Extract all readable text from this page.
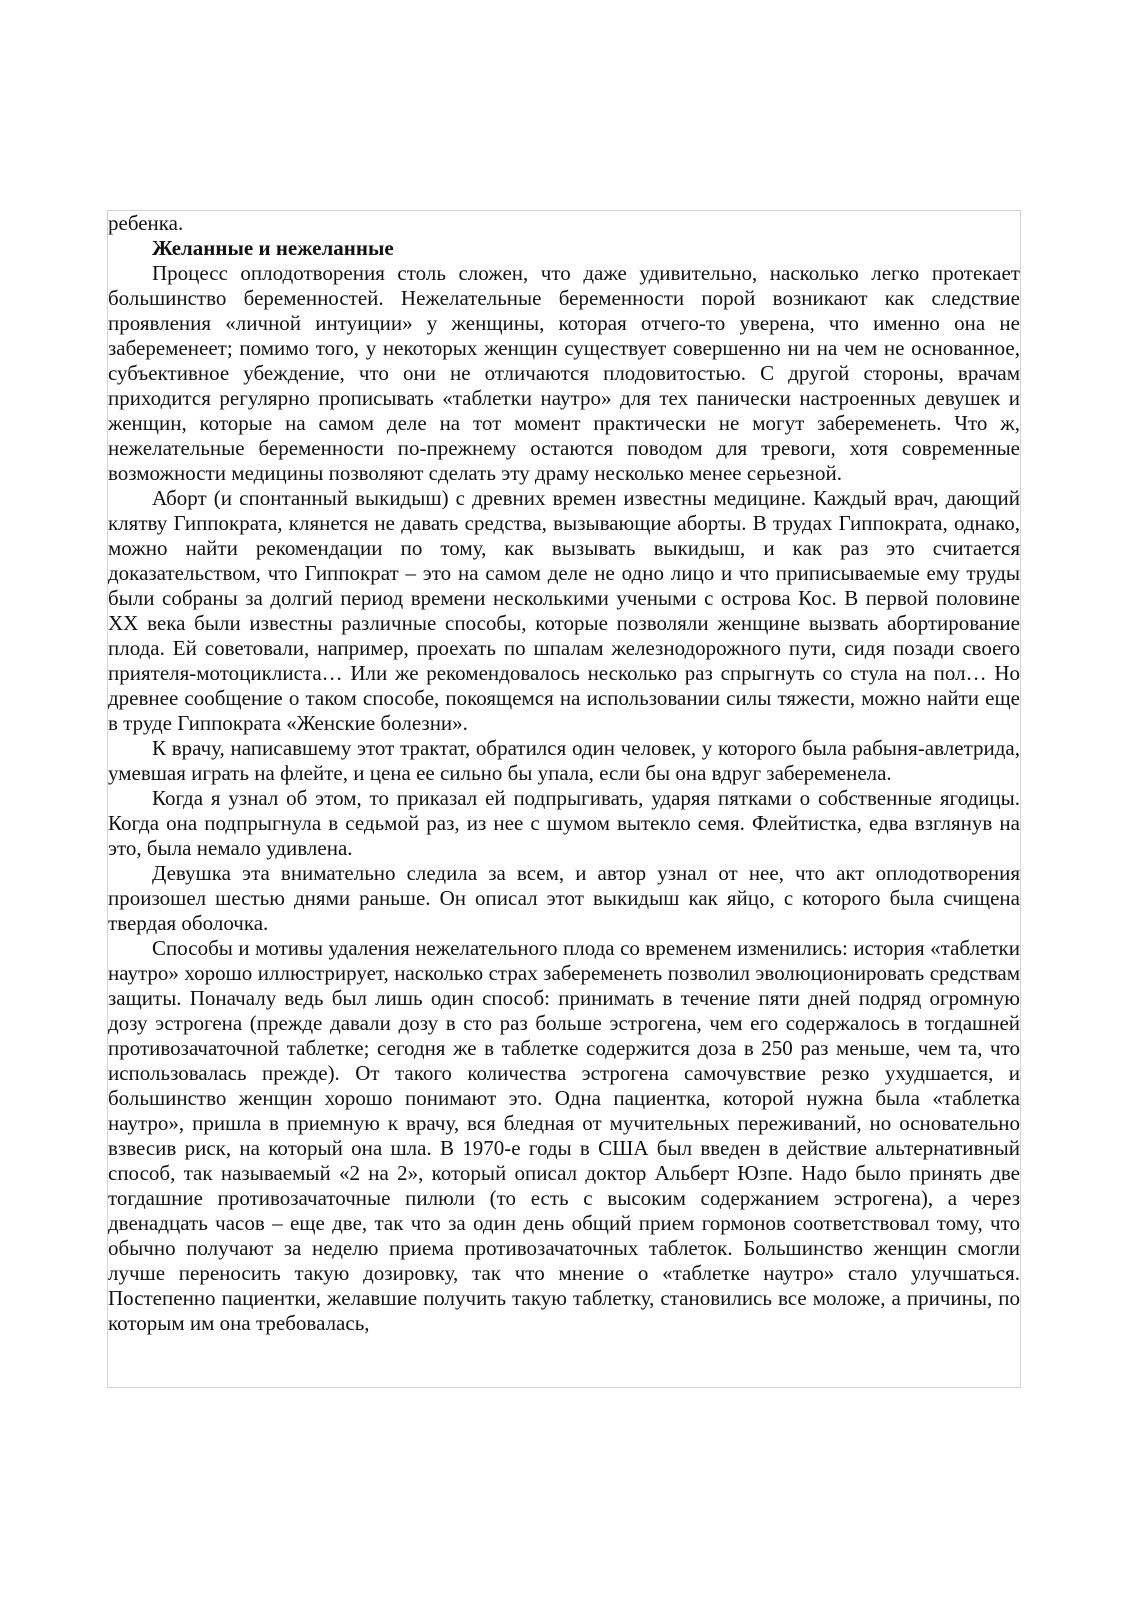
ребенка.

Желанные и нежеланные

Процесс оплодотворения столь сложен, что даже удивительно, насколько легко протекает большинство беременностей. Нежелательные беременности порой возникают как следствие проявления «личной интуиции» у женщины, которая отчего-то уверена, что именно она не забеременеет; помимо того, у некоторых женщин существует совершенно ни на чем не основанное, субъективное убеждение, что они не отличаются плодовитостью. С другой стороны, врачам приходится регулярно прописывать «таблетки наутро» для тех панически настроенных девушек и женщин, которые на самом деле на тот момент практически не могут забеременеть. Что ж, нежелательные беременности по-прежнему остаются поводом для тревоги, хотя современные возможности медицины позволяют сделать эту драму несколько менее серьезной.

Аборт (и спонтанный выкидыш) с древних времен известны медицине. Каждый врач, дающий клятву Гиппократа, клянется не давать средства, вызывающие аборты. В трудах Гиппократа, однако, можно найти рекомендации по тому, как вызывать выкидыш, и как раз это считается доказательством, что Гиппократ – это на самом деле не одно лицо и что приписываемые ему труды были собраны за долгий период времени несколькими учеными с острова Кос. В первой половине XX века были известны различные способы, которые позволяли женщине вызвать абортирование плода. Ей советовали, например, проехать по шпалам железнодорожного пути, сидя позади своего приятеля-мотоциклиста… Или же рекомендовалось несколько раз спрыгнуть со стула на пол… Но древнее сообщение о таком способе, покоящемся на использовании силы тяжести, можно найти еще в труде Гиппократа «Женские болезни».

К врачу, написавшему этот трактат, обратился один человек, у которого была рабыня-авлетрида, умевшая играть на флейте, и цена ее сильно бы упала, если бы она вдруг забеременела.

Когда я узнал об этом, то приказал ей подпрыгивать, ударяя пятками о собственные ягодицы. Когда она подпрыгнула в седьмой раз, из нее с шумом вытекло семя. Флейтистка, едва взглянув на это, была немало удивлена.

Девушка эта внимательно следила за всем, и автор узнал от нее, что акт оплодотворения произошел шестью днями раньше. Он описал этот выкидыш как яйцо, с которого была счищена твердая оболочка.

Способы и мотивы удаления нежелательного плода со временем изменились: история «таблетки наутро» хорошо иллюстрирует, насколько страх забеременеть позволил эволюционировать средствам защиты. Поначалу ведь был лишь один способ: принимать в течение пяти дней подряд огромную дозу эстрогена (прежде давали дозу в сто раз больше эстрогена, чем его содержалось в тогдашней противозачаточной таблетке; сегодня же в таблетке содержится доза в 250 раз меньше, чем та, что использовалась прежде). От такого количества эстрогена самочувствие резко ухудшается, и большинство женщин хорошо понимают это. Одна пациентка, которой нужна была «таблетка наутро», пришла в приемную к врачу, вся бледная от мучительных переживаний, но основательно взвесив риск, на который она шла. В 1970-е годы в США был введен в действие альтернативный способ, так называемый «2 на 2», который описал доктор Альберт Юзпе. Надо было принять две тогдашние противозачаточные пилюли (то есть с высоким содержанием эстрогена), а через двенадцать часов – еще две, так что за один день общий прием гормонов соответствовал тому, что обычно получают за неделю приема противозачаточных таблеток. Большинство женщин смогли лучше переносить такую дозировку, так что мнение о «таблетке наутро» стало улучшаться. Постепенно пациентки, желавшие получить такую таблетку, становились все моложе, а причины, по которым им она требовалась,
